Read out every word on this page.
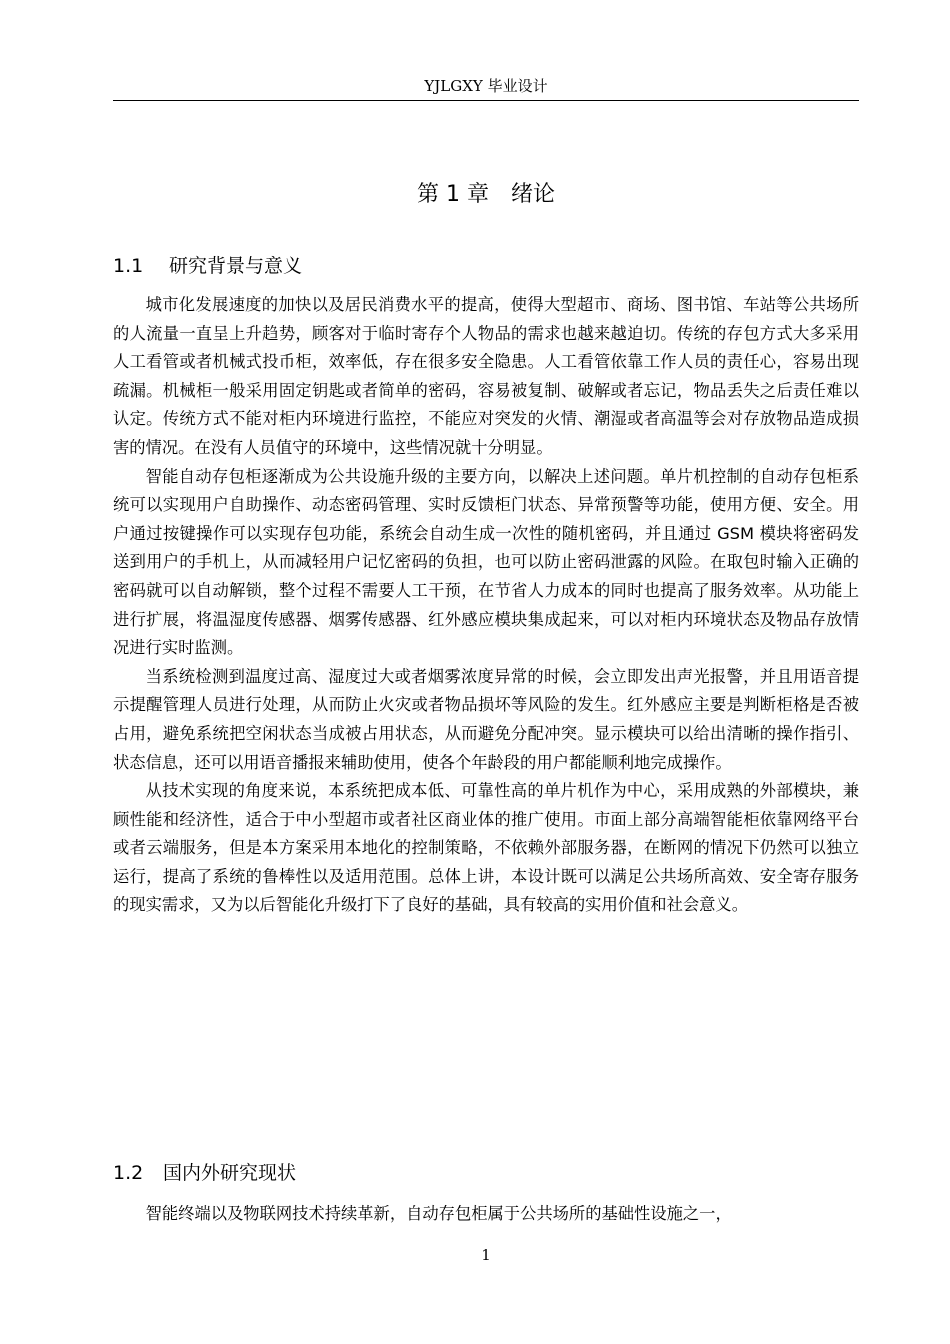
YJLGXY 毕业设计
第 1 章 绪论
1.1 研究背景与意义

城市化发展速度的加快以及居民消费水平的提高，使得大型超市、商场、图书馆、车站等公共场所的人流量一直呈上升趋势，顾客对于临时寄存个人物品的需求也越来越迫切。传统的存包方式大多采用人工看管或者机械式投币柜，效率低，存在很多安全隐患。人工看管依靠工作人员的责任心，容易出现疏漏。机械柜一般采用固定钥匙或者简单的密码，容易被复制、破解或者忘记，物品丢失之后责任难以认定。传统方式不能对柜内环境进行监控，不能应对突发的火情、潮湿或者高温等会对存放物品造成损害的情况。在没有人员值守的环境中，这些情况就十分明显。

智能自动存包柜逐渐成为公共设施升级的主要方向，以解决上述问题。单片机控制的自动存包柜系统可以实现用户自助操作、动态密码管理、实时反馈柜门状态、异常预警等功能，使用方便、安全。用户通过按键操作可以实现存包功能，系统会自动生成一次性的随机密码，并且通过 GSM 模块将密码发送到用户的手机上，从而减轻用户记忆密码的负担，也可以防止密码泄露的风险。在取包时输入正确的密码就可以自动解锁，整个过程不需要人工干预，在节省人力成本的同时也提高了服务效率。从功能上进行扩展，将温湿度传感器、烟雾传感器、红外感应模块集成起来，可以对柜内环境状态及物品存放情况进行实时监测。

当系统检测到温度过高、湿度过大或者烟雾浓度异常的时候，会立即发出声光报警，并且用语音提示提醒管理人员进行处理，从而防止火灾或者物品损坏等风险的发生。红外感应主要是判断柜格是否被占用，避免系统把空闲状态当成被占用状态，从而避免分配冲突。显示模块可以给出清晰的操作指引、状态信息，还可以用语音播报来辅助使用，使各个年龄段的用户都能顺利地完成操作。

从技术实现的角度来说，本系统把成本低、可靠性高的单片机作为中心，采用成熟的外部模块，兼顾性能和经济性，适合于中小型超市或者社区商业体的推广使用。市面上部分高端智能柜依靠网络平台或者云端服务，但是本方案采用本地化的控制策略，不依赖外部服务器，在断网的情况下仍然可以独立运行，提高了系统的鲁棒性以及适用范围。总体上讲，本设计既可以满足公共场所高效、安全寄存服务的现实需求，又为以后智能化升级打下了良好的基础，具有较高的实用价值和社会意义。

1.2 国内外研究现状

智能终端以及物联网技术持续革新，自动存包柜属于公共场所的基础性设施之一，

1
